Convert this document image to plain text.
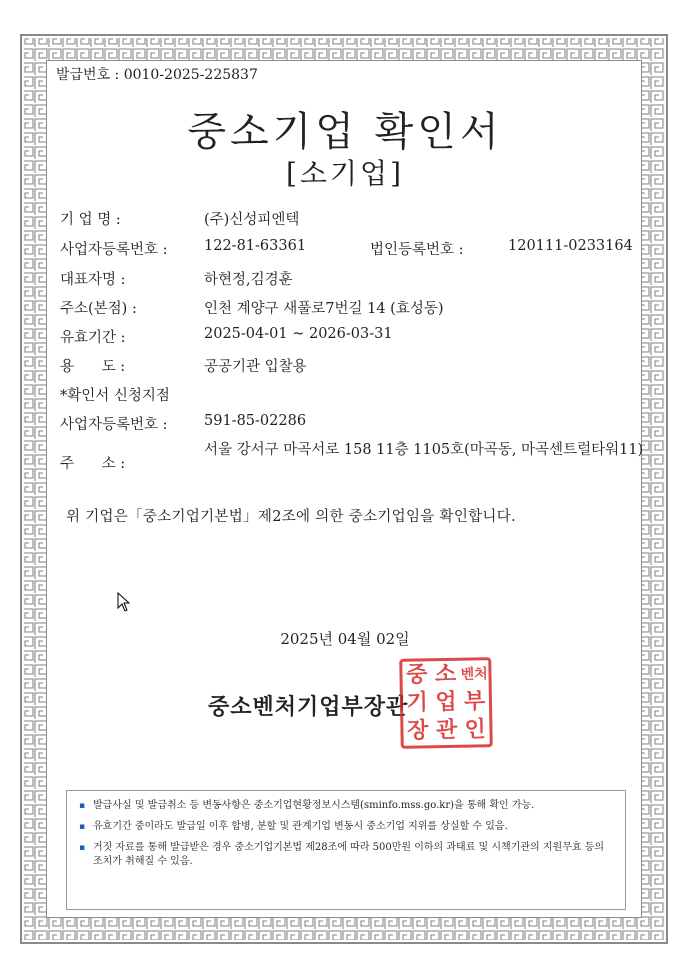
발급번호 : 0010-2025-225837
중소기업 확인서
[소기업]
기 업 명 :	(주)신성피엔텍
사업자등록번호 :	122-81-63361	법인등록번호 :	120111-0233164
대표자명 :	하현정,김경훈
주소(본점) :	인천 계양구 새풀로7번길 14 (효성동)
유효기간 :	2025-04-01 ~ 2026-03-31
용      도 :	공공기관 입찰용
*확인서 신청지점
사업자등록번호 :	591-85-02286
주      소 :
서울 강서구 마곡서로 158 11층 1105호(마곡동, 마곡센트럴타워11)
위 기업은「중소기업기본법」제2조에 의한 중소기업임을 확인합니다.
2025년 04월 02일
중소벤처기업부장관
중 소 벤처
기 업 부
장 관 인
▪ 발급사실 및 발급취소 등 변동사항은 중소기업현황정보시스템(sminfo.mss.go.kr)을 통해 확인 가능.
▪ 유효기간 중이라도 발급일 이후 합병, 분할 및 관계기업 변동시 중소기업 지위를 상실할 수 있음.
▪ 거짓 자료를 통해 발급받은 경우 중소기업기본법 제28조에 따라 500만원 이하의 과태료 및 시책기관의 지원무효 등의 조치가 취해질 수 있음.
